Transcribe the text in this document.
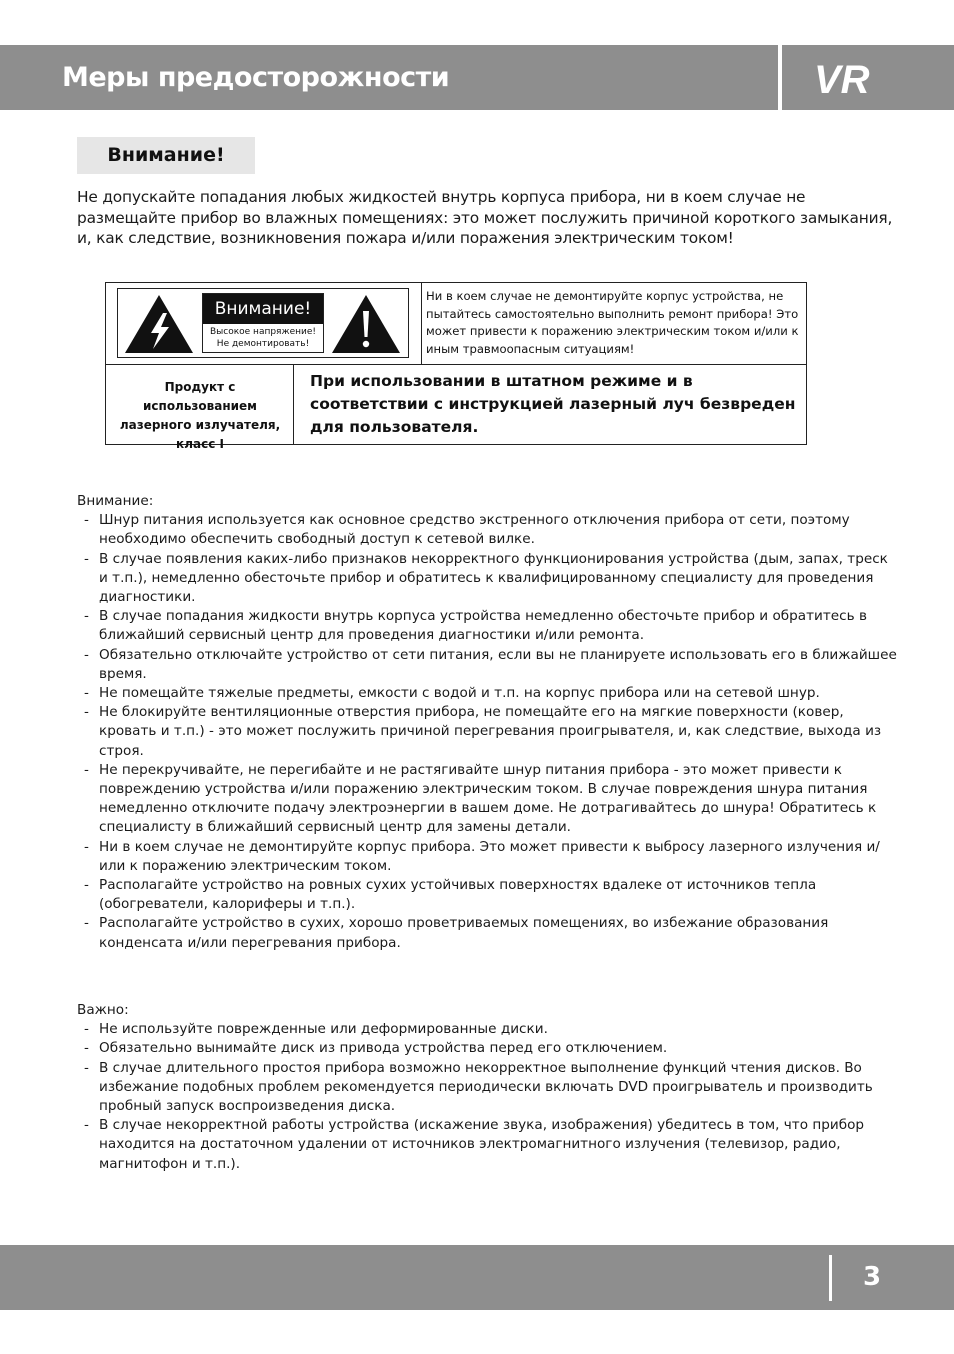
Меры предосторожности	VR
Внимание!
Не допускайте попадания любых жидкостей внутрь корпуса прибора, ни в коем случае не размещайте прибор во влажных помещениях: это может послужить причиной короткого замыкания, и, как следствие, возникновения пожара и/или поражения электрическим током!
Внимание!
Высокое напряжение!
Не демонтировать!
Ни в коем случае не демонтируйте корпус устройства, не пытайтесь самостоятельно выполнить ремонт прибора! Это может привести к поражению электрическим током и/или к иным травмоопасным ситуациям!
Продукт с использованием лазерного излучателя, класс I
При использовании в штатном режиме и в соответствии с инструкцией лазерный луч безвреден для пользователя.
Внимание:
- Шнур питания используется как основное средство экстренного отключения прибора от сети, поэтому необходимо обеспечить свободный доступ к сетевой вилке.
- В случае появления каких-либо признаков некорректного функционирования устройства (дым, запах, треск и т.п.), немедленно обесточьте прибор и обратитесь к квалифицированному специалисту для проведения диагностики.
- В случае попадания жидкости внутрь корпуса устройства немедленно обесточьте прибор и обратитесь в ближайший сервисный центр для проведения диагностики и/или ремонта.
- Обязательно отключайте устройство от сети питания, если вы не планируете использовать его в ближайшее время.
- Не помещайте тяжелые предметы, емкости с водой и т.п. на корпус прибора или на сетевой шнур.
- Не блокируйте вентиляционные отверстия прибора, не помещайте его на мягкие поверхности (ковер, кровать и т.п.) - это может послужить причиной перегревания проигрывателя, и, как следствие, выхода из строя.
- Не перекручивайте, не перегибайте и не растягивайте шнур питания прибора - это может привести к повреждению устройства и/или поражению электрическим током. В случае повреждения шнура питания немедленно отключите подачу электроэнергии в вашем доме. Не дотрагивайтесь до шнура! Обратитесь к специалисту в ближайший сервисный центр для замены детали.
- Ни в коем случае не демонтируйте корпус прибора. Это может привести к выбросу лазерного излучения и/или к поражению электрическим током.
- Располагайте устройство на ровных сухих устойчивых поверхностях вдалеке от источников тепла (обогреватели, калориферы и т.п.).
- Располагайте устройство в сухих, хорошо проветриваемых помещениях, во избежание образования конденсата и/или перегревания прибора.
Важно:
- Не используйте поврежденные или деформированные диски.
- Обязательно вынимайте диск из привода устройства перед его отключением.
- В случае длительного простоя прибора возможно некорректное выполнение функций чтения дисков. Во избежание подобных проблем рекомендуется периодически включать DVD проигрыватель и производить пробный запуск воспроизведения диска.
- В случае некорректной работы устройства (искажение звука, изображения) убедитесь в том, что прибор находится на достаточном удалении от источников электромагнитного излучения (телевизор, радио, магнитофон и т.п.).
3
